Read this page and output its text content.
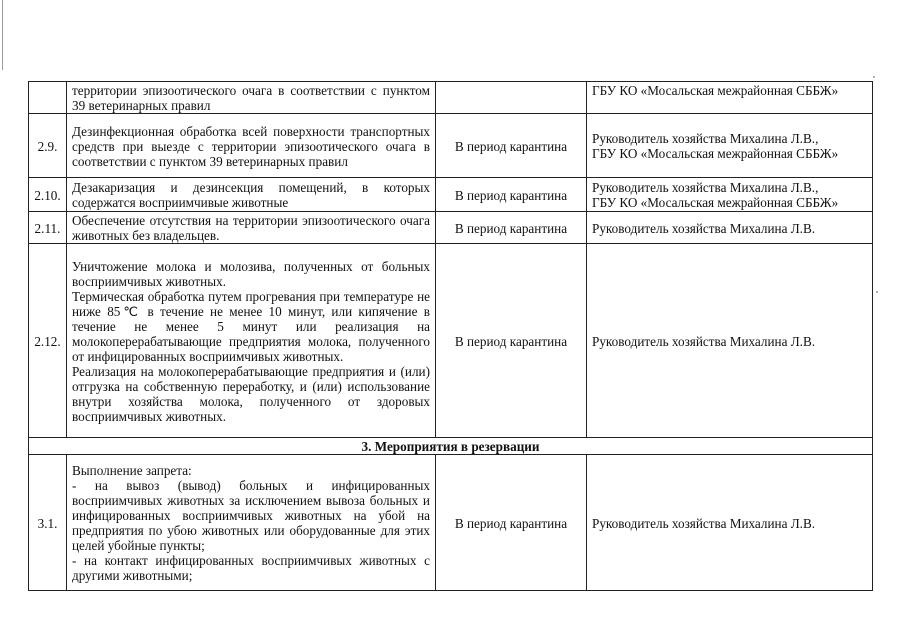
	территории эпизоотического очага в соответствии с пунктом 39 ветеринарных правил		ГБУ КО «Мосальская межрайонная СББЖ»

2.9.	Дезинфекционная обработка всей поверхности транспортных средств при выезде с территории эпизоотического очага в соответствии с пунктом 39 ветеринарных правил	В период карантина	Руководитель хозяйства Михалина Л.В.,
ГБУ КО «Мосальская межрайонная СББЖ»

2.10.	Дезакаризация и дезинсекция помещений, в которых содержатся восприимчивые животные	В период карантина	Руководитель хозяйства Михалина Л.В.,
ГБУ КО «Мосальская межрайонная СББЖ»

2.11.	Обеспечение отсутствия на территории эпизоотического очага животных без владельцев.	В период карантина	Руководитель хозяйства Михалина Л.В.

2.12.	Уничтожение молока и молозива, полученных от больных восприимчивых животных.

Термическая обработка путем прогревания при температуре не ниже 85℃ в течение не менее 10 минут, или кипячение в течение не менее 5 минут или реализация на молокоперерабатывающие предприятия молока, полученного от инфицированных восприимчивых животных.

Реализация на молокоперерабатывающие предприятия и (или) отгрузка на собственную переработку, и (или) использование внутри хозяйства молока, полученного от здоровых восприимчивых животных.	В период карантина	Руководитель хозяйства Михалина Л.В.

3. Мероприятия в резервации			
3.1.	Выполнение запрета:

- на вывоз (вывод) больных и инфицированных восприимчивых животных за исключением вывоза больных и инфицированных восприимчивых животных на убой на предприятия по убою животных или оборудованные для этих целей убойные пункты;

- на контакт инфицированных восприимчивых животных с другими животными;	В период карантина	Руководитель хозяйства Михалина Л.В.
